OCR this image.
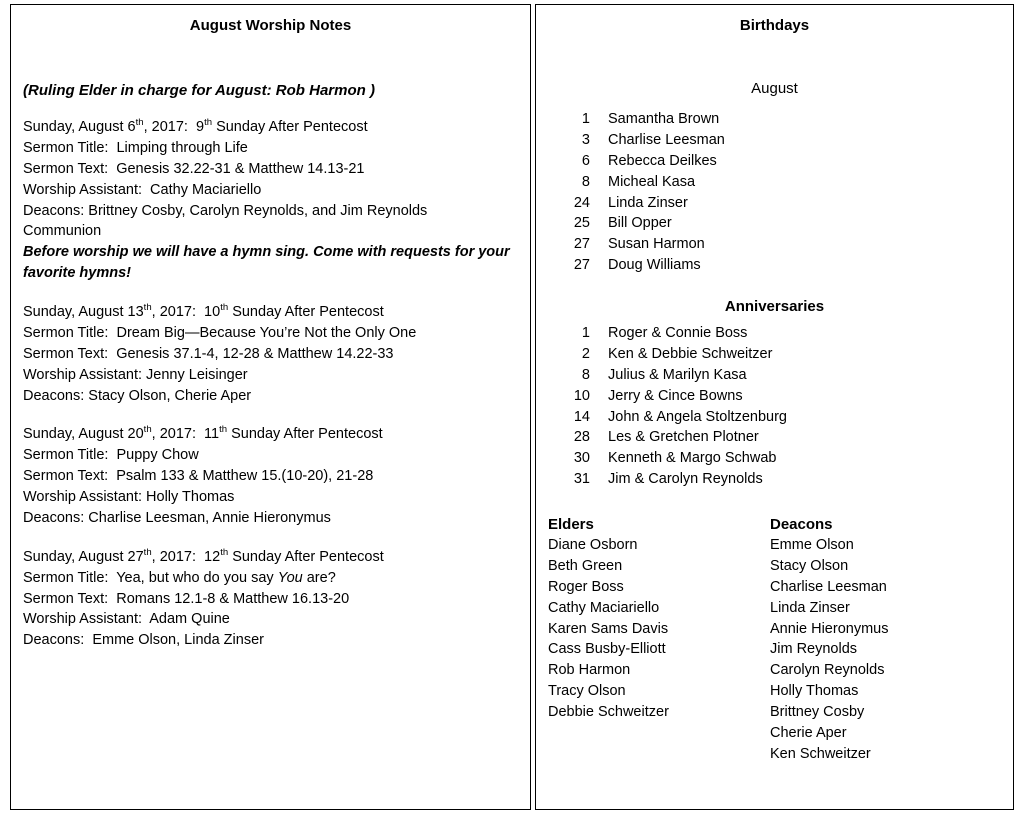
August Worship Notes
(Ruling Elder in charge for August: Rob Harmon )
Sunday, August 6th, 2017:  9th Sunday After Pentecost
Sermon Title:  Limping through Life
Sermon Text:  Genesis 32.22-31 & Matthew 14.13-21
Worship Assistant:  Cathy Maciariello
Deacons: Brittney Cosby, Carolyn Reynolds, and Jim Reynolds
Communion
Before worship we will have a hymn sing. Come with requests for your favorite hymns!
Sunday, August 13th, 2017:  10th Sunday After Pentecost
Sermon Title:  Dream Big—Because You’re Not the Only One
Sermon Text:  Genesis 37.1-4, 12-28 & Matthew 14.22-33
Worship Assistant: Jenny Leisinger
Deacons: Stacy Olson, Cherie Aper
Sunday, August 20th, 2017:  11th Sunday After Pentecost
Sermon Title:  Puppy Chow
Sermon Text:  Psalm 133 & Matthew 15.(10-20), 21-28
Worship Assistant: Holly Thomas
Deacons: Charlise Leesman, Annie Hieronymus
Sunday, August 27th, 2017:  12th Sunday After Pentecost
Sermon Title:  Yea, but who do you say You are?
Sermon Text:  Romans 12.1-8 & Matthew 16.13-20
Worship Assistant:  Adam Quine
Deacons:  Emme Olson, Linda Zinser
Birthdays
August
1	Samantha Brown
3	Charlise Leesman
6	Rebecca Deilkes
8	Micheal Kasa
24	Linda Zinser
25	Bill Opper
27	Susan Harmon
27	Doug Williams
Anniversaries
1	Roger & Connie Boss
2	Ken & Debbie Schweitzer
8	Julius & Marilyn Kasa
10	Jerry & Cince Bowns
14	John & Angela Stoltzenburg
28	Les & Gretchen Plotner
30	Kenneth & Margo Schwab
31	Jim & Carolyn Reynolds
Elders
Diane Osborn
Beth Green
Roger Boss
Cathy Maciariello
Karen Sams Davis
Cass Busby-Elliott
Rob Harmon
Tracy Olson
Debbie Schweitzer
Deacons
Emme Olson
Stacy Olson
Charlise Leesman
Linda Zinser
Annie Hieronymus
Jim Reynolds
Carolyn Reynolds
Holly Thomas
Brittney Cosby
Cherie Aper
Ken Schweitzer
